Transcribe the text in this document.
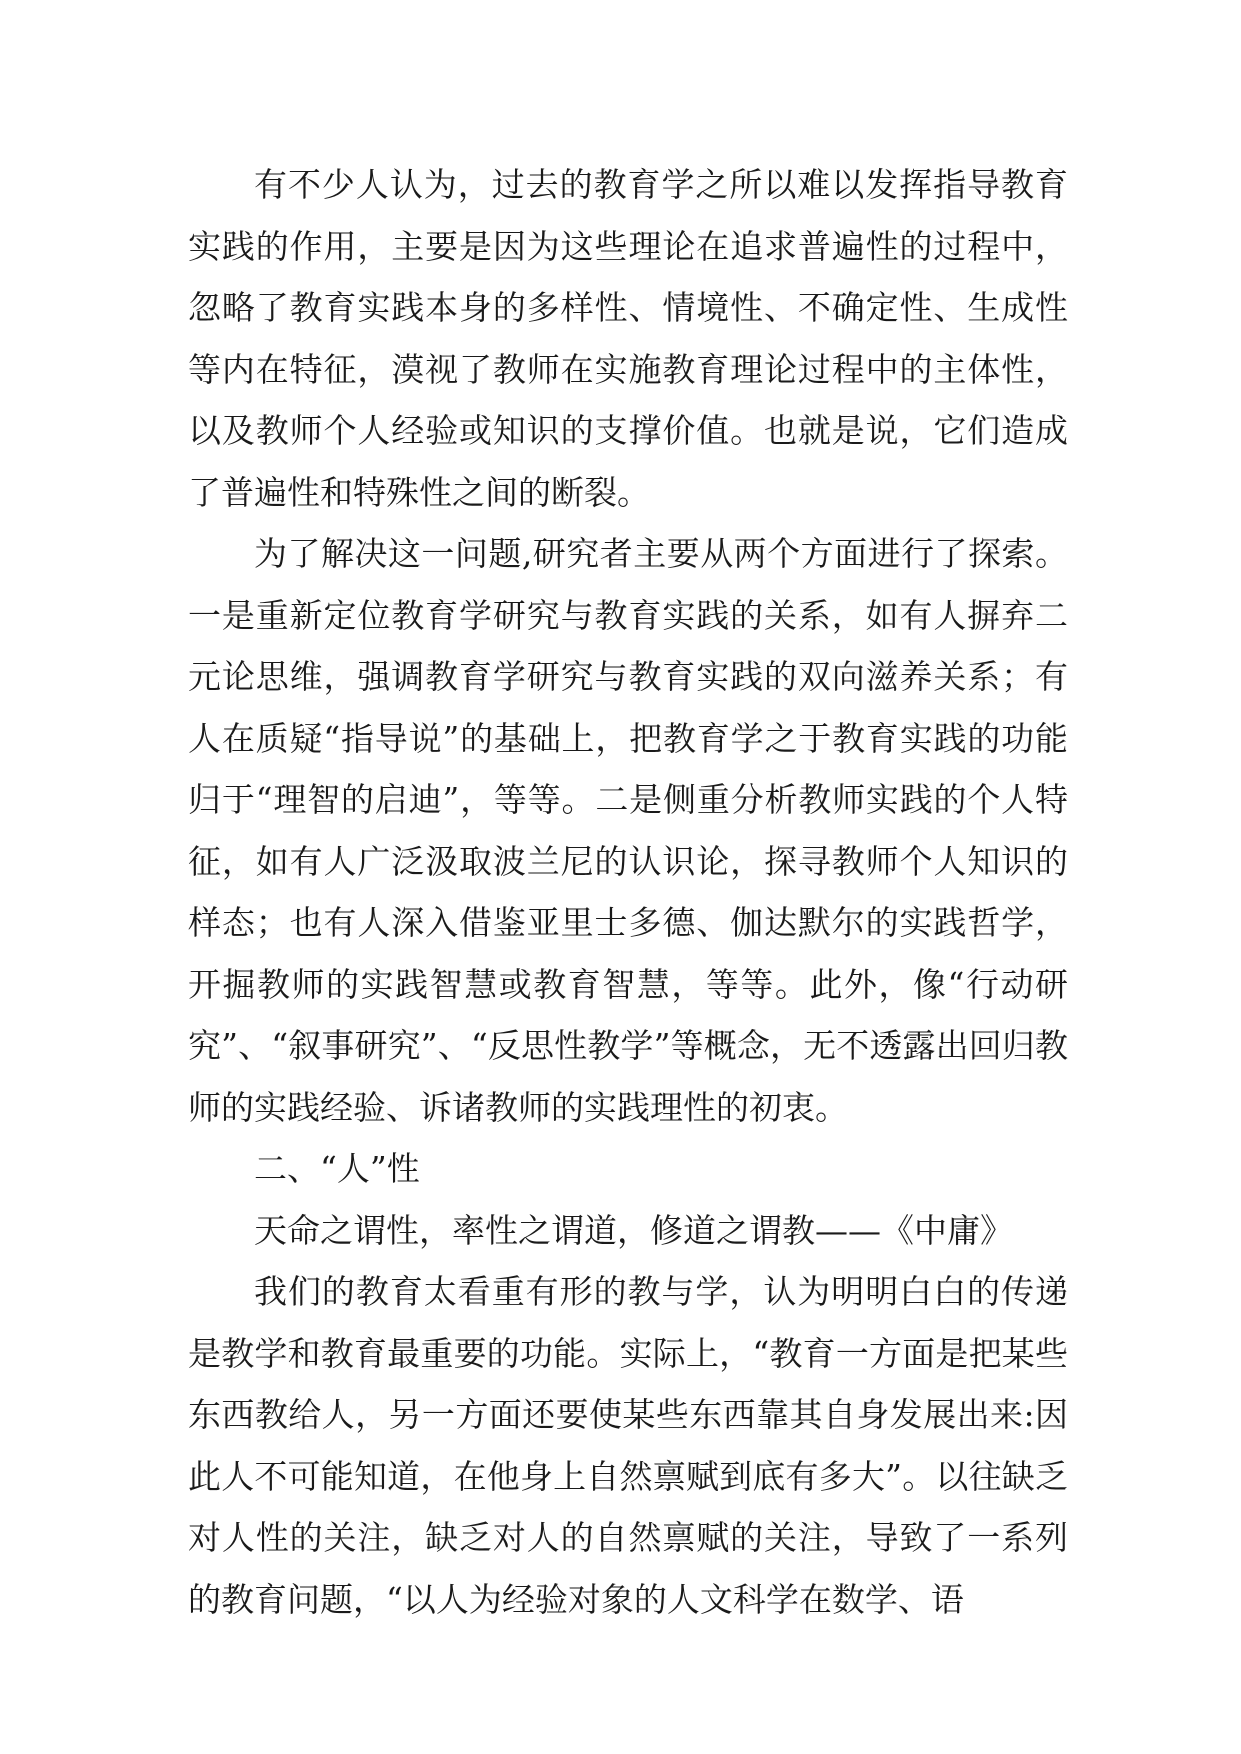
有不少人认为，过去的教育学之所以难以发挥指导教育实践的作用，主要是因为这些理论在追求普遍性的过程中，忽略了教育实践本身的多样性、情境性、不确定性、生成性等内在特征，漠视了教师在实施教育理论过程中的主体性，以及教师个人经验或知识的支撑价值。也就是说，它们造成了普遍性和特殊性之间的断裂。

为了解决这一问题,研究者主要从两个方面进行了探索。一是重新定位教育学研究与教育实践的关系，如有人摒弃二元论思维，强调教育学研究与教育实践的双向滋养关系；有人在质疑“指导说”的基础上，把教育学之于教育实践的功能归于“理智的启迪”，等等。二是侧重分析教师实践的个人特征，如有人广泛汲取波兰尼的认识论，探寻教师个人知识的样态；也有人深入借鉴亚里士多德、伽达默尔的实践哲学，开掘教师的实践智慧或教育智慧，等等。此外，像“行动研究”、“叙事研究”、“反思性教学”等概念，无不透露出回归教师的实践经验、诉诸教师的实践理性的初衷。

二、“人”性

天命之谓性，率性之谓道，修道之谓教——《中庸》

我们的教育太看重有形的教与学，认为明明白白的传递是教学和教育最重要的功能。实际上，“教育一方面是把某些东西教给人，另一方面还要使某些东西靠其自身发展出来:因此人不可能知道，在他身上自然禀赋到底有多大”。以往缺乏对人性的关注，缺乏对人的自然禀赋的关注，导致了一系列的教育问题，“以人为经验对象的人文科学在数学、语
